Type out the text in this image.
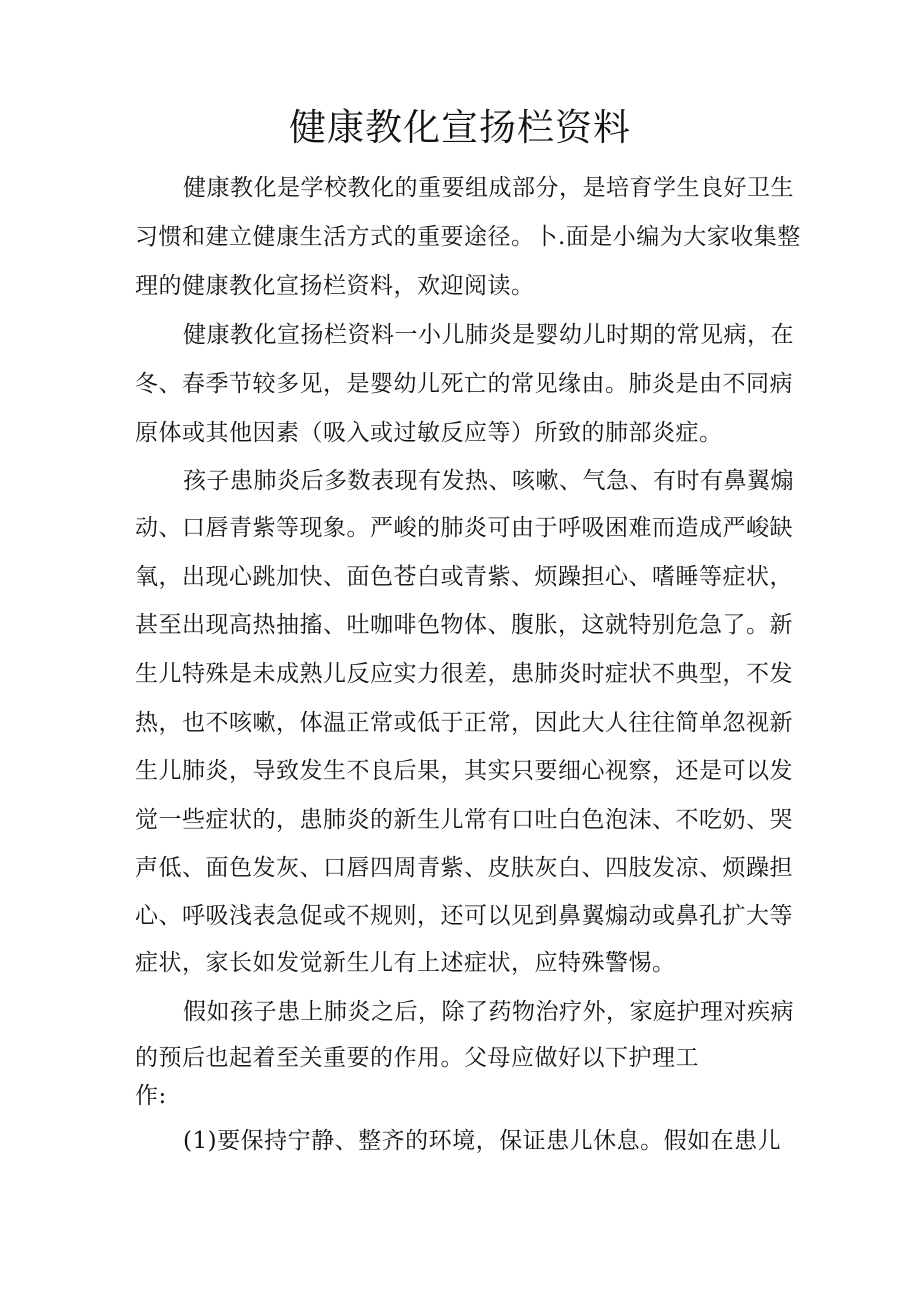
健康教化宣扬栏资料
健康教化是学校教化的重要组成部分，是培育学生良好卫生
习惯和建立健康生活方式的重要途径。卜.面是小编为大家收集整
理的健康教化宣扬栏资料，欢迎阅读。
健康教化宣扬栏资料一小儿肺炎是婴幼儿时期的常见病，在
冬、春季节较多见，是婴幼儿死亡的常见缘由。肺炎是由不同病
原体或其他因素（吸入或过敏反应等）所致的肺部炎症。
孩子患肺炎后多数表现有发热、咳嗽、气急、有时有鼻翼煽
动、口唇青紫等现象。严峻的肺炎可由于呼吸困难而造成严峻缺
氧，出现心跳加快、面色苍白或青紫、烦躁担心、嗜睡等症状，
甚至出现高热抽搐、吐咖啡色物体、腹胀，这就特别危急了。新
生儿特殊是未成熟儿反应实力很差，患肺炎时症状不典型，不发
热，也不咳嗽，体温正常或低于正常，因此大人往往简单忽视新
生儿肺炎，导致发生不良后果，其实只要细心视察，还是可以发
觉一些症状的，患肺炎的新生儿常有口吐白色泡沫、不吃奶、哭
声低、面色发灰、口唇四周青紫、皮肤灰白、四肢发凉、烦躁担
心、呼吸浅表急促或不规则，还可以见到鼻翼煽动或鼻孔扩大等
症状，家长如发觉新生儿有上述症状，应特殊警惕。
假如孩子患上肺炎之后，除了药物治疗外，家庭护理对疾病
的预后也起着至关重要的作用。父母应做好以下护理工
作:
(1)要保持宁静、整齐的环境，保证患儿休息。假如在患儿
